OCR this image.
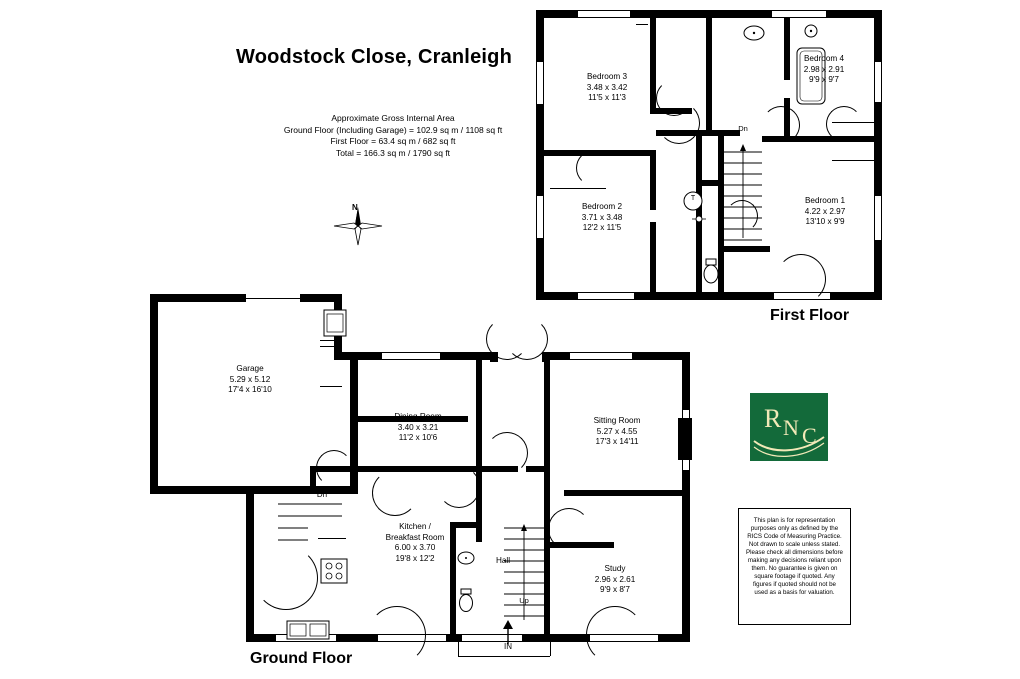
Woodstock Close, Cranleigh
Approximate Gross Internal Area
Ground Floor (Including Garage) = 102.9 sq m / 1108 sq ft
First Floor = 63.4 sq m / 682 sq ft
Total = 166.3 sq m / 1790 sq ft
N
T
Dn
Bedroom 3
3.48 x 3.42
11'5 x 11'3
Bedroom 4
2.98 x 2.91
9'9 x 9'7
Bedroom 2
3.71 x 3.48
12'2 x 11'5
Bedroom 1
4.22 x 2.97
13'10 x 9'9
First Floor
Up
Dn
IN
Garage
5.29 x 5.12
17'4 x 16'10
Dining Room
3.40 x 3.21
11'2 x 10'6
Sitting Room
5.27 x 4.55
17'3 x 14'11
Kitchen /
Breakfast Room
6.00 x 3.70
19'8 x 12'2
Study
2.96 x 2.61
9'9 x 8'7
Hall
Ground Floor
R N C
This plan is for representation purposes only as defined by the RICS Code of Measuring Practice. Not drawn to scale unless stated. Please check all dimensions before making any decisions reliant upon them. No guarantee is given on square footage if quoted. Any figures if quoted should not be used as a basis for valuation.
